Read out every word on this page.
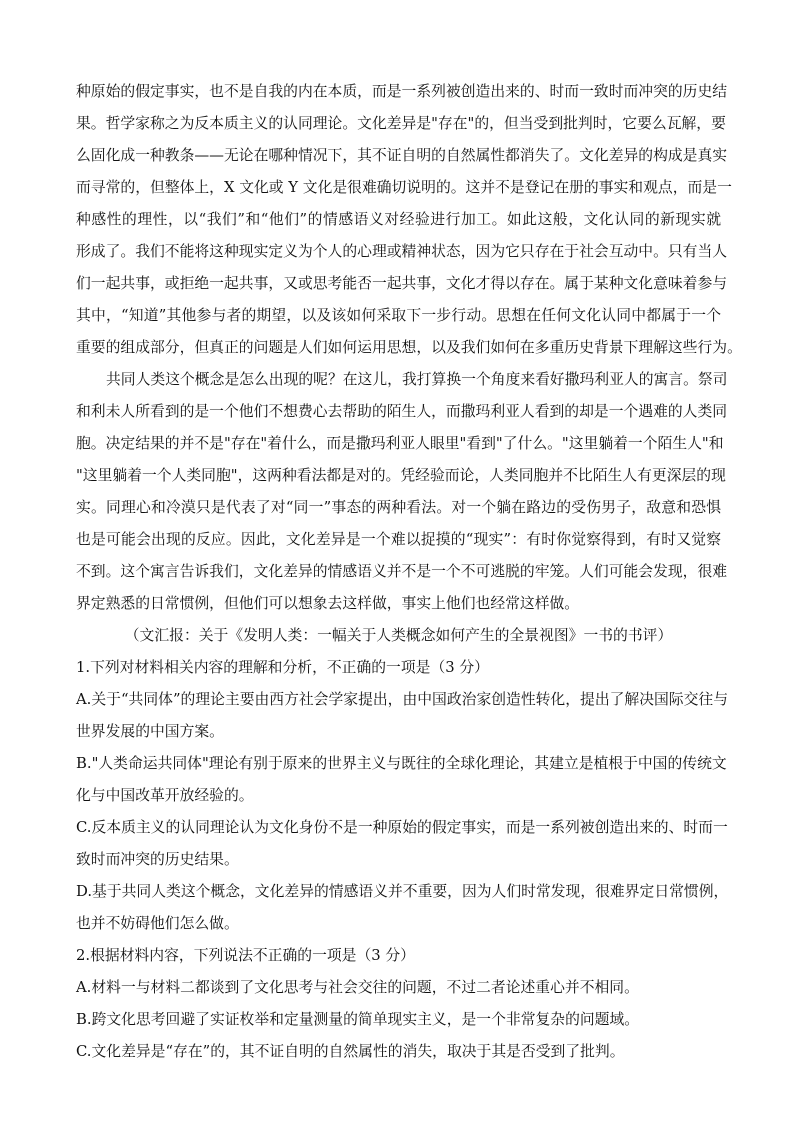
种原始的假定事实，也不是自我的内在本质，而是一系列被创造出来的、时而一致时而冲突的历史结
果。哲学家称之为反本质主义的认同理论。文化差异是"存在"的，但当受到批判时，它要么瓦解，要
么固化成一种教条——无论在哪种情况下，其不证自明的自然属性都消失了。文化差异的构成是真实
而寻常的，但整体上，X 文化或 Y 文化是很难确切说明的。这并不是登记在册的事实和观点，而是一
种感性的理性，以“我们”和“他们”的情感语义对经验进行加工。如此这般，文化认同的新现实就
形成了。我们不能将这种现实定义为个人的心理或精神状态，因为它只存在于社会互动中。只有当人
们一起共事，或拒绝一起共事，又或思考能否一起共事，文化才得以存在。属于某种文化意味着参与
其中，“知道”其他参与者的期望，以及该如何采取下一步行动。思想在任何文化认同中都属于一个
重要的组成部分，但真正的问题是人们如何运用思想，以及我们如何在多重历史背景下理解这些行为。
共同人类这个概念是怎么出现的呢？在这儿，我打算换一个角度来看好撒玛利亚人的寓言。祭司
和利未人所看到的是一个他们不想费心去帮助的陌生人，而撒玛利亚人看到的却是一个遇难的人类同
胞。决定结果的并不是"存在"着什么，而是撒玛利亚人眼里"看到"了什么。"这里躺着一个陌生人"和
"这里躺着一个人类同胞"，这两种看法都是对的。凭经验而论，人类同胞并不比陌生人有更深层的现
实。同理心和冷漠只是代表了对“同一”事态的两种看法。对一个躺在路边的受伤男子，敌意和恐惧
也是可能会出现的反应。因此，文化差异是一个难以捉摸的“现实”：有时你觉察得到，有时又觉察
不到。这个寓言告诉我们，文化差异的情感语义并不是一个不可逃脱的牢笼。人们可能会发现，很难
界定熟悉的日常惯例，但他们可以想象去这样做，事实上他们也经常这样做。
（文汇报：关于《发明人类：一幅关于人类概念如何产生的全景视图》一书的书评）
1.下列对材料相关内容的理解和分析，不正确的一项是（3 分）
A.关于“共同体”的理论主要由西方社会学家提出，由中国政治家创造性转化，提出了解决国际交往与
世界发展的中国方案。
B."人类命运共同体"理论有别于原来的世界主义与既往的全球化理论，其建立是植根于中国的传统文
化与中国改革开放经验的。
C.反本质主义的认同理论认为文化身份不是一种原始的假定事实，而是一系列被创造出来的、时而一
致时而冲突的历史结果。
D.基于共同人类这个概念，文化差异的情感语义并不重要，因为人们时常发现，很难界定日常惯例，
也并不妨碍他们怎么做。
2.根据材料内容，下列说法不正确的一项是（3 分）
A.材料一与材料二都谈到了文化思考与社会交往的问题，不过二者论述重心并不相同。
B.跨文化思考回避了实证枚举和定量测量的简单现实主义，是一个非常复杂的问题域。
C.文化差异是“存在”的，其不证自明的自然属性的消失，取决于其是否受到了批判。
